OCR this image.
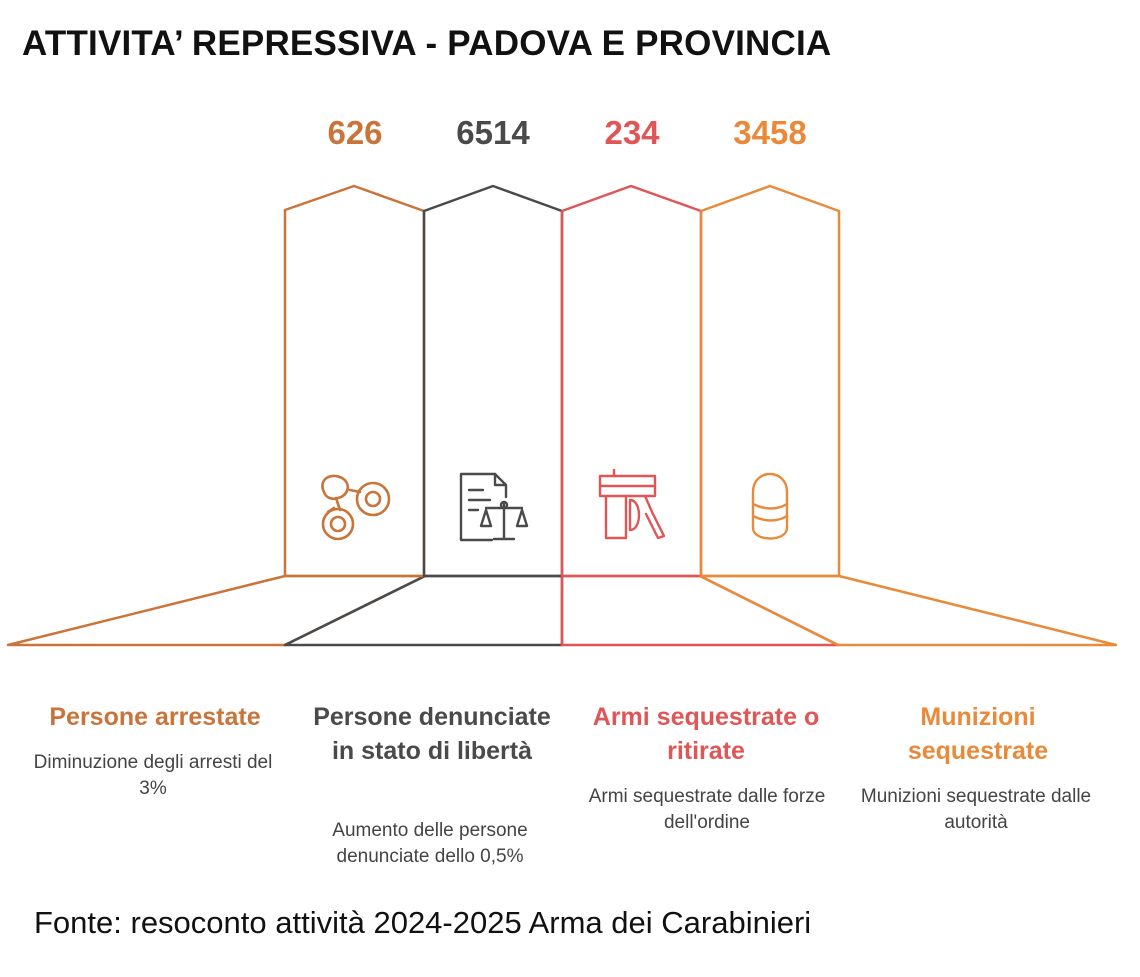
ATTIVITA’ REPRESSIVA - PADOVA E PROVINCIA
626	6514	234	3458
Persone arrestate
Diminuzione degli arresti del 3%
Persone denunciate in stato di libertà
Aumento delle persone denunciate dello 0,5%
Armi sequestrate o ritirate
Armi sequestrate dalle forze dell'ordine
Munizioni sequestrate
Munizioni sequestrate dalle autorità
Fonte: resoconto attività 2024-2025 Arma dei Carabinieri
